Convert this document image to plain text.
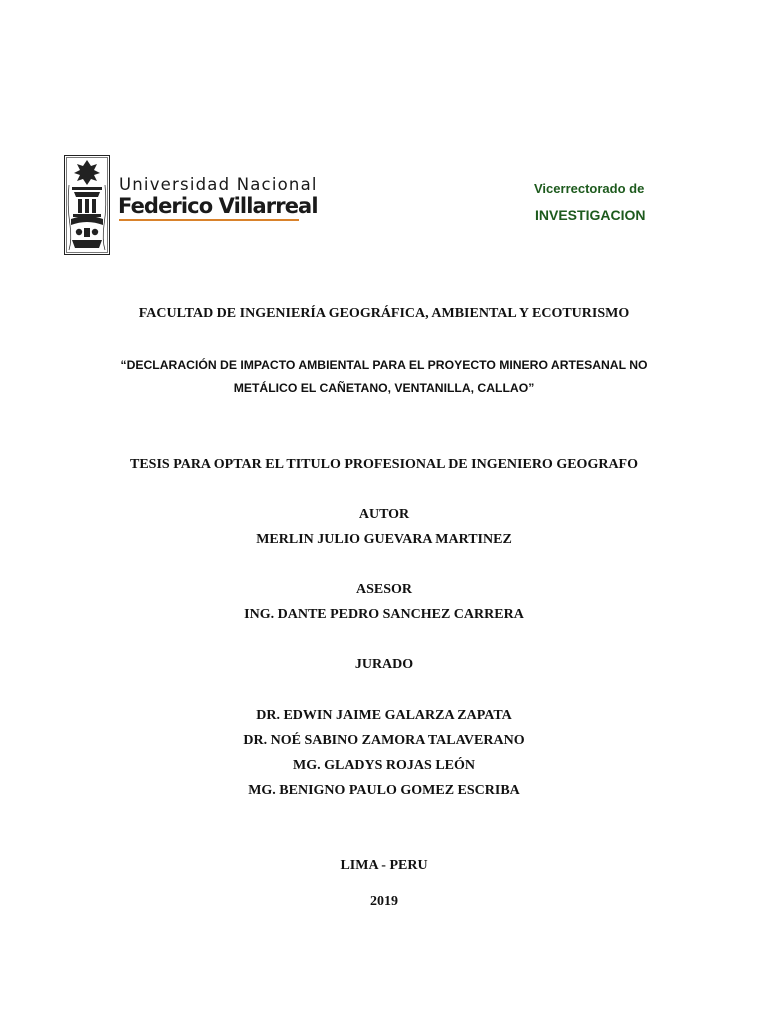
Universidad Nacional
Federico Villarreal
Vicerrectorado de
INVESTIGACION
FACULTAD DE INGENIERÍA GEOGRÁFICA, AMBIENTAL Y ECOTURISMO
“DECLARACIÓN DE IMPACTO AMBIENTAL PARA EL PROYECTO MINERO ARTESANAL NO
METÁLICO EL CAÑETANO, VENTANILLA, CALLAO”
TESIS PARA OPTAR EL TITULO PROFESIONAL DE INGENIERO GEOGRAFO
AUTOR
MERLIN JULIO GUEVARA MARTINEZ
ASESOR
ING. DANTE PEDRO SANCHEZ CARRERA
JURADO
DR. EDWIN JAIME GALARZA ZAPATA
DR. NOÉ SABINO ZAMORA TALAVERANO
MG. GLADYS ROJAS LEÓN
MG. BENIGNO PAULO GOMEZ ESCRIBA
LIMA - PERU
2019
